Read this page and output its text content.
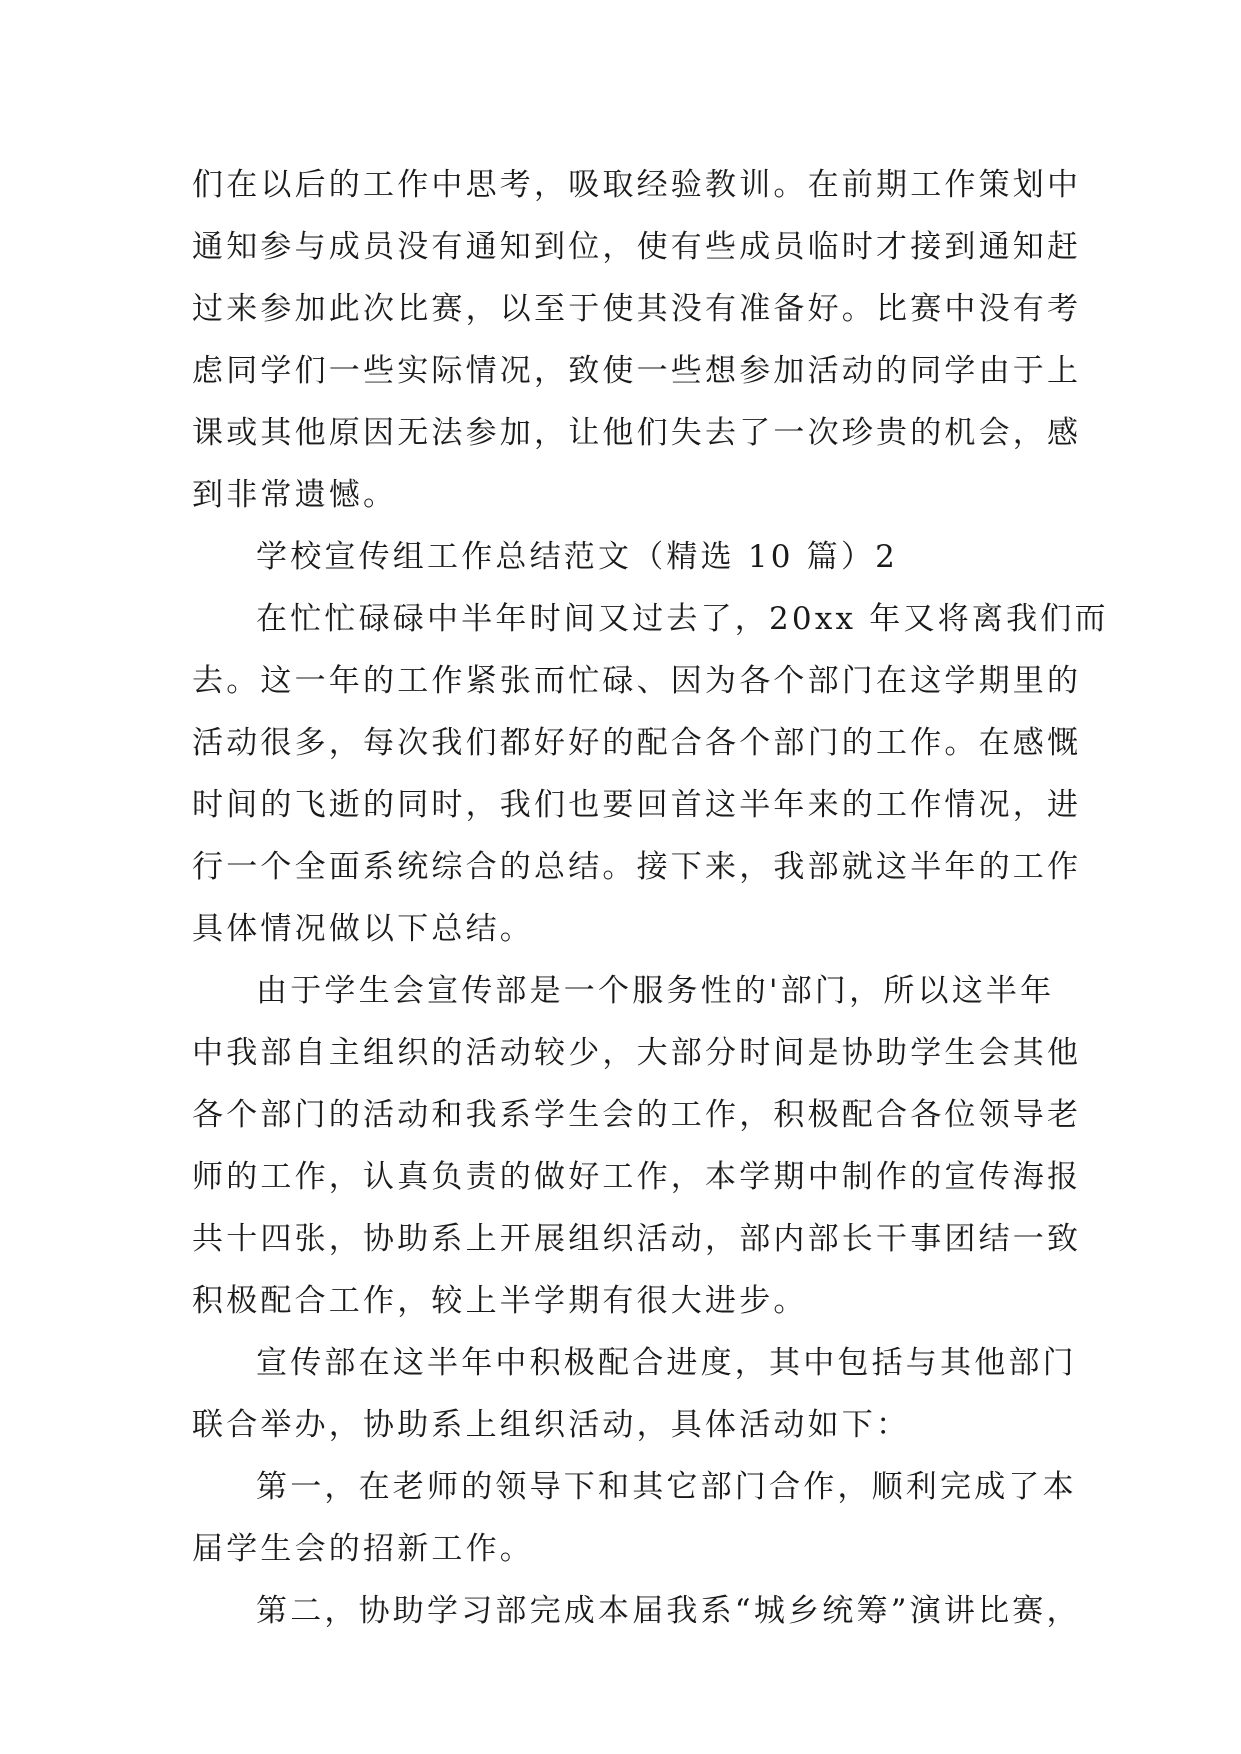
们在以后的工作中思考，吸取经验教训。在前期工作策划中
通知参与成员没有通知到位，使有些成员临时才接到通知赶
过来参加此次比赛，以至于使其没有准备好。比赛中没有考
虑同学们一些实际情况，致使一些想参加活动的同学由于上
课或其他原因无法参加，让他们失去了一次珍贵的机会，感
到非常遗憾。
学校宣传组工作总结范文（精选 10 篇）2
在忙忙碌碌中半年时间又过去了，20xx 年又将离我们而
去。这一年的工作紧张而忙碌、因为各个部门在这学期里的
活动很多，每次我们都好好的配合各个部门的工作。在感慨
时间的飞逝的同时，我们也要回首这半年来的工作情况，进
行一个全面系统综合的总结。接下来，我部就这半年的工作
具体情况做以下总结。
由于学生会宣传部是一个服务性的'部门，所以这半年
中我部自主组织的活动较少，大部分时间是协助学生会其他
各个部门的活动和我系学生会的工作，积极配合各位领导老
师的工作，认真负责的做好工作，本学期中制作的宣传海报
共十四张，协助系上开展组织活动，部内部长干事团结一致
积极配合工作，较上半学期有很大进步。
宣传部在这半年中积极配合进度，其中包括与其他部门
联合举办，协助系上组织活动，具体活动如下：
第一，在老师的领导下和其它部门合作，顺利完成了本
届学生会的招新工作。
第二，协助学习部完成本届我系“城乡统筹”演讲比赛，
